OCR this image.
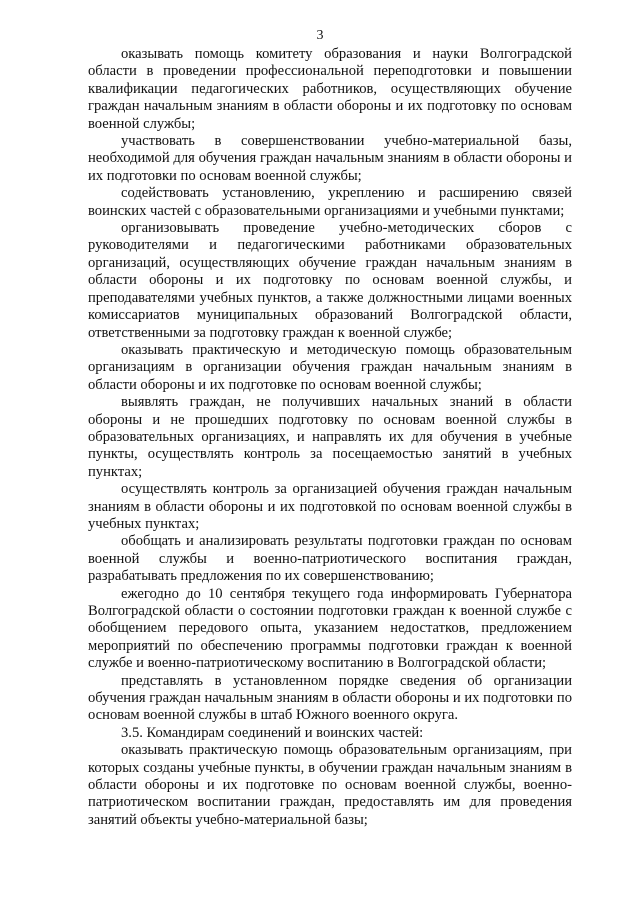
3

оказывать помощь комитету образования и науки Волгоградской области в проведении профессиональной переподготовки и повышении квалификации педагогических работников, осуществляющих обучение граждан начальным знаниям в области обороны и их подготовку по основам военной службы;

участвовать в совершенствовании учебно-материальной базы, необходимой для обучения граждан начальным знаниям в области обороны и их подготовки по основам военной службы;

содействовать установлению, укреплению и расширению связей воинских частей с образовательными организациями и учебными пунктами;

организовывать проведение учебно-методических сборов с руководителями и педагогическими работниками образовательных организаций, осуществляющих обучение граждан начальным знаниям в области обороны и их подготовку по основам военной службы, и преподавателями учебных пунктов, а также должностными лицами военных комиссариатов муниципальных образований Волгоградской области, ответственными за подготовку граждан к военной службе;

оказывать практическую и методическую помощь образовательным организациям в организации обучения граждан начальным знаниям в области обороны и их подготовке по основам военной службы;

выявлять граждан, не получивших начальных знаний в области обороны и не прошедших подготовку по основам военной службы в образовательных организациях, и направлять их для обучения в учебные пункты, осуществлять контроль за посещаемостью занятий в учебных пунктах;

осуществлять контроль за организацией обучения граждан начальным знаниям в области обороны и их подготовкой по основам военной службы в учебных пунктах;

обобщать и анализировать результаты подготовки граждан по основам военной службы и военно-патриотического воспитания граждан, разрабатывать предложения по их совершенствованию;

ежегодно до 10 сентября текущего года информировать Губернатора Волгоградской области о состоянии подготовки граждан к военной службе с обобщением передового опыта, указанием недостатков, предложением мероприятий по обеспечению программы подготовки граждан к военной службе и военно-патриотическому воспитанию в Волгоградской области;

представлять в установленном порядке сведения об организации обучения граждан начальным знаниям в области обороны и их подготовки по основам военной службы в штаб Южного военного округа.

3.5. Командирам соединений и воинских частей:

оказывать практическую помощь образовательным организациям, при которых созданы учебные пункты, в обучении граждан начальным знаниям в области обороны и их подготовке по основам военной службы, военно-патриотическом воспитании граждан, предоставлять им для проведения занятий объекты учебно-материальной базы;
